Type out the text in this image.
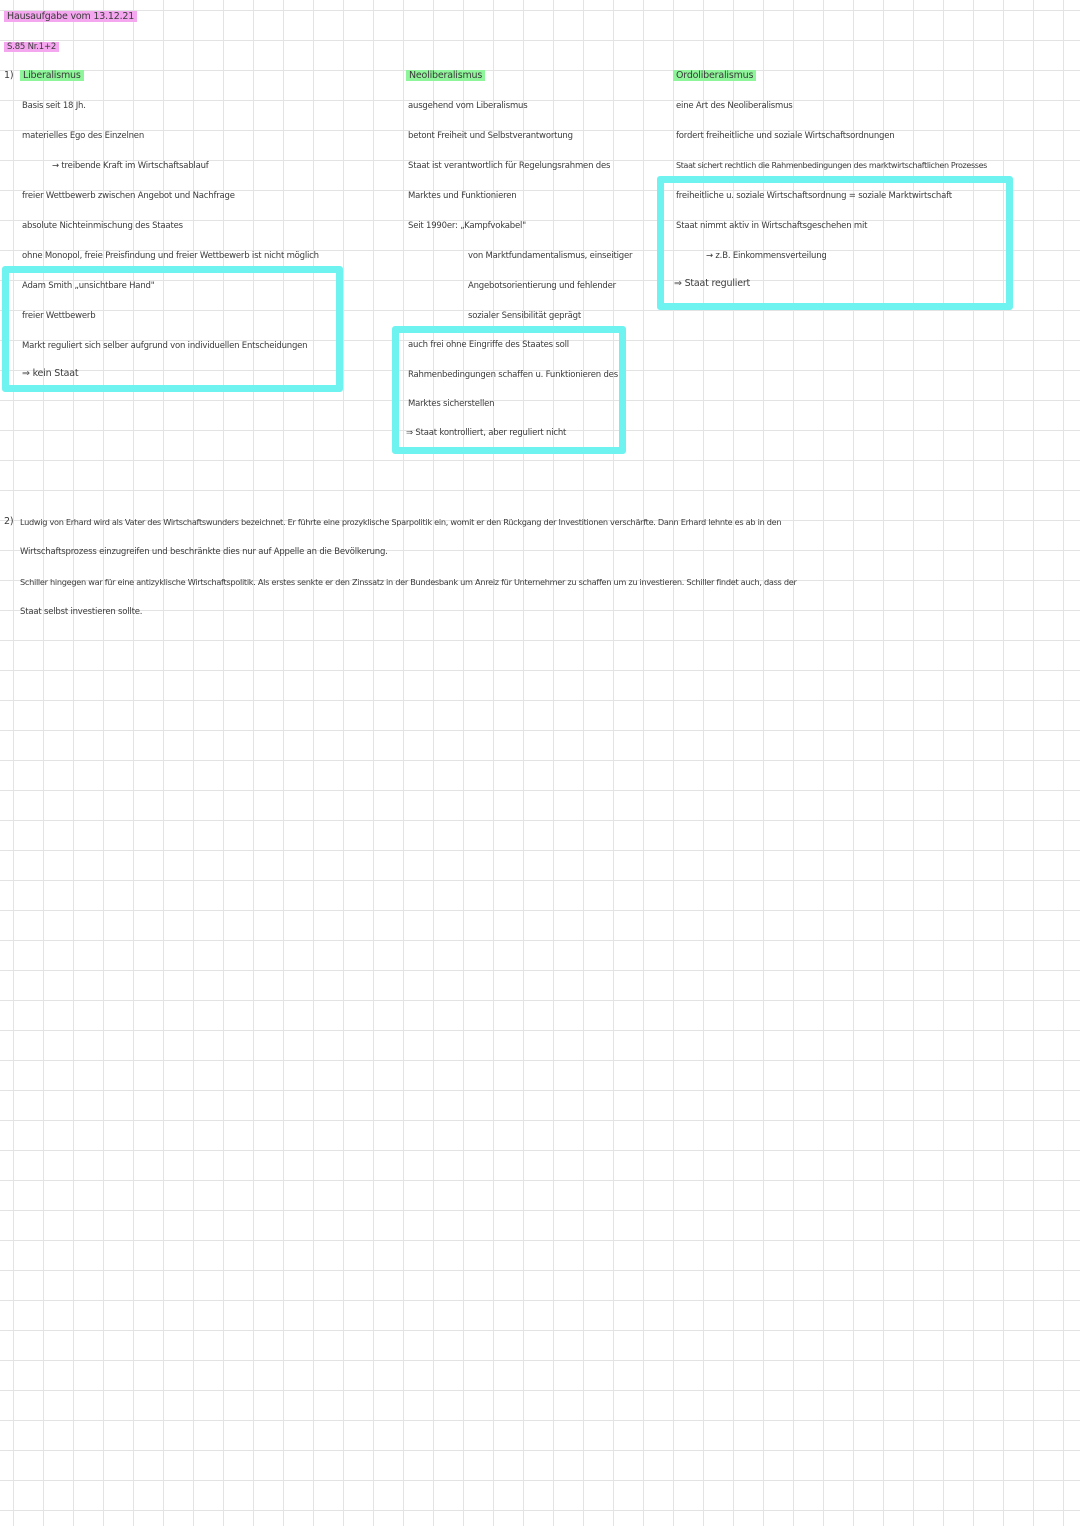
Hausaufgabe vom 13.12.21
S.85 Nr.1+2
1)	Liberalismus
Basis seit 18 Jh.
materielles Ego des Einzelnen
→ treibende Kraft im Wirtschaftsablauf
freier Wettbewerb zwischen Angebot und Nachfrage
absolute Nichteinmischung des Staates
ohne Monopol, freie Preisfindung und freier Wettbewerb ist nicht möglich
Adam Smith „unsichtbare Hand"
freier Wettbewerb
Markt reguliert sich selber aufgrund von individuellen Entscheidungen
⇒ kein Staat
Neoliberalismus
ausgehend vom Liberalismus
betont Freiheit und Selbstverantwortung
Staat ist verantwortlich für Regelungsrahmen des
Marktes und Funktionieren
Seit 1990er: „Kampfvokabel"
von Marktfundamentalismus, einseitiger
Angebotsorientierung und fehlender
sozialer Sensibilität geprägt
auch frei ohne Eingriffe des Staates soll
Rahmenbedingungen schaffen u. Funktionieren des
Marktes sicherstellen
⇒ Staat kontrolliert, aber reguliert nicht
Ordoliberalismus
eine Art des Neoliberalismus
fordert freiheitliche und soziale Wirtschaftsordnungen
Staat sichert rechtlich die Rahmenbedingungen des marktwirtschaftlichen Prozesses
freiheitliche u. soziale Wirtschaftsordnung = soziale Marktwirtschaft
Staat nimmt aktiv in Wirtschaftsgeschehen mit
→ z.B. Einkommensverteilung
⇒ Staat reguliert
2) Ludwig von Erhard wird als Vater des Wirtschaftswunders bezeichnet. Er führte eine prozyklische Sparpolitik ein, womit er den Rückgang der Investitionen verschärfte. Dann Erhard lehnte es ab in den
Wirtschaftsprozess einzugreifen und beschränkte dies nur auf Appelle an die Bevölkerung.
Schiller hingegen war für eine antizyklische Wirtschaftspolitik. Als erstes senkte er den Zinssatz in der Bundesbank um Anreiz für Unternehmer zu schaffen um zu investieren. Schiller findet auch, dass der
Staat selbst investieren sollte.
